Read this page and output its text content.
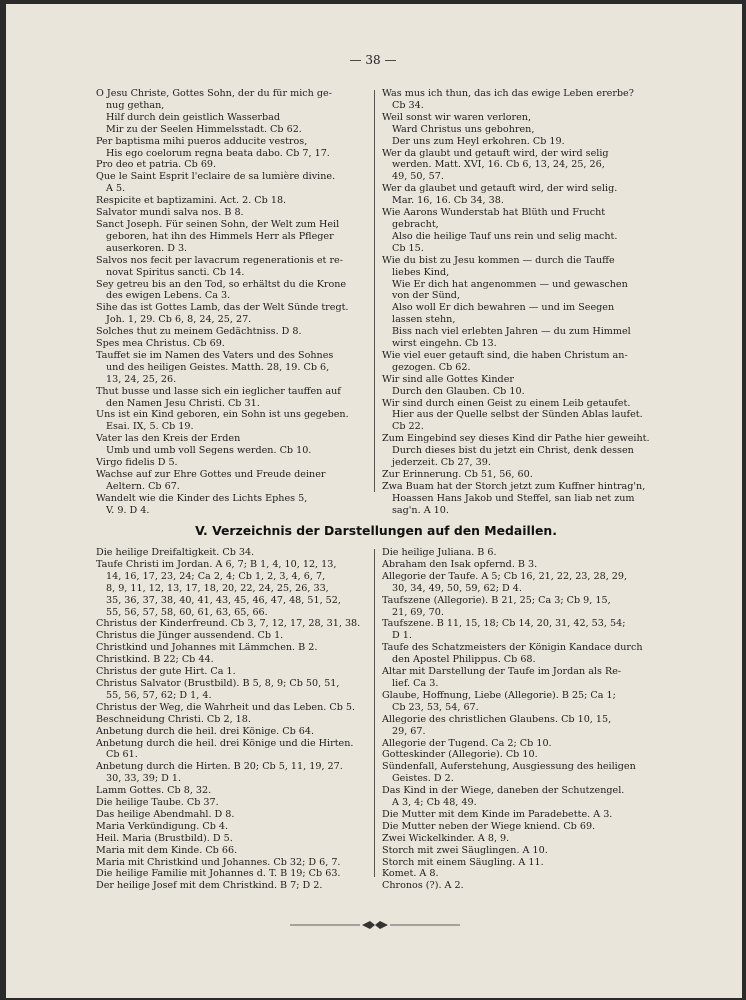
— 38 —
O Jesu Christe, Gottes Sohn, der du für mich ge-
nug gethan,
Hilf durch dein geistlich Wasserbad
Mir zu der Seelen Himmelsstadt. Cb 62.
Per baptisma mihi pueros adducite vestros,
His ego coelorum regna beata dabo. Cb 7, 17.
Pro deo et patria. Cb 69.
Que le Saint Esprit l'eclaire de sa lumière divine.
A 5.
Respicite et baptizamini. Act. 2. Cb 18.
Salvator mundi salva nos. B 8.
Sanct Joseph. Für seinen Sohn, der Welt zum Heil
geboren, hat ihn des Himmels Herr als Pfleger
auserkoren. D 3.
Salvos nos fecit per lavacrum regenerationis et re-
novat Spiritus sancti. Cb 14.
Sey getreu bis an den Tod, so erhältst du die Krone
des ewigen Lebens. Ca 3.
Sihe das ist Gottes Lamb, das der Welt Sünde tregt.
Joh. 1, 29. Cb 6, 8, 24, 25, 27.
Solches thut zu meinem Gedächtniss. D 8.
Spes mea Christus. Cb 69.
Tauffet sie im Namen des Vaters und des Sohnes
und des heiligen Geistes. Matth. 28, 19. Cb 6,
13, 24, 25, 26.
Thut busse und lasse sich ein ieglicher tauffen auf
den Namen Jesu Christi. Cb 31.
Uns ist ein Kind geboren, ein Sohn ist uns gegeben.
Esai. IX, 5. Cb 19.
Vater las den Kreis der Erden
Umb und umb voll Segens werden. Cb 10.
Virgo fidelis D 5.
Wachse auf zur Ehre Gottes und Freude deiner
Aeltern. Cb 67.
Wandelt wie die Kinder des Lichts Ephes 5,
V. 9. D 4.
Was mus ich thun, das ich das ewige Leben ererbe?
Cb 34.
Weil sonst wir waren verloren,
Ward Christus uns gebohren,
Der uns zum Heyl erkohren. Cb 19.
Wer da glaubt und getauft wird, der wird selig
werden. Matt. XVI, 16. Cb 6, 13, 24, 25, 26,
49, 50, 57.
Wer da glaubet und getauft wird, der wird selig.
Mar. 16, 16. Cb 34, 38.
Wie Aarons Wunderstab hat Blüth und Frucht
gebracht,
Also die heilige Tauf uns rein und selig macht.
Cb 15.
Wie du bist zu Jesu kommen — durch die Tauffe
liebes Kind,
Wie Er dich hat angenommen — und gewaschen
von der Sünd,
Also woll Er dich bewahren — und im Seegen
lassen stehn,
Biss nach viel erlebten Jahren — du zum Himmel
wirst eingehn. Cb 13.
Wie viel euer getauft sind, die haben Christum an-
gezogen. Cb 62.
Wir sind alle Gottes Kinder
Durch den Glauben. Cb 10.
Wir sind durch einen Geist zu einem Leib getaufet.
Hier aus der Quelle selbst der Sünden Ablas laufet.
Cb 22.
Zum Eingebind sey dieses Kind dir Pathe hier geweiht.
Durch dieses bist du jetzt ein Christ, denk dessen
jederzeit. Cb 27, 39.
Zur Erinnerung. Cb 51, 56, 60.
Zwa Buam hat der Storch jetzt zum Kuffner hintrag'n,
Hoassen Hans Jakob und Steffel, san liab net zum
sag'n. A 10.
V. Verzeichnis der Darstellungen auf den Medaillen.
Die heilige Dreifaltigkeit. Cb 34.
Taufe Christi im Jordan. A 6, 7; B 1, 4, 10, 12, 13,
14, 16, 17, 23, 24; Ca 2, 4; Cb 1, 2, 3, 4, 6, 7,
8, 9, 11, 12, 13, 17, 18, 20, 22, 24, 25, 26, 33,
35, 36, 37, 38, 40, 41, 43, 45, 46, 47, 48, 51, 52,
55, 56, 57, 58, 60, 61, 63, 65, 66.
Christus der Kinderfreund. Cb 3, 7, 12, 17, 28, 31, 38.
Christus die Jünger aussendend. Cb 1.
Christkind und Johannes mit Lämmchen. B 2.
Christkind. B 22; Cb 44.
Christus der gute Hirt. Ca 1.
Christus Salvator (Brustbild). B 5, 8, 9; Cb 50, 51,
55, 56, 57, 62; D 1, 4.
Christus der Weg, die Wahrheit und das Leben. Cb 5.
Beschneidung Christi. Cb 2, 18.
Anbetung durch die heil. drei Könige. Cb 64.
Anbetung durch die heil. drei Könige und die Hirten.
Cb 61.
Anbetung durch die Hirten. B 20; Cb 5, 11, 19, 27.
30, 33, 39; D 1.
Lamm Gottes. Cb 8, 32.
Die heilige Taube. Cb 37.
Das heilige Abendmahl. D 8.
Maria Verkündigung. Cb 4.
Heil. Maria (Brustbild). D 5.
Maria mit dem Kinde. Cb 66.
Maria mit Christkind und Johannes. Cb 32; D 6, 7.
Die heilige Familie mit Johannes d. T. B 19; Cb 63.
Der heilige Josef mit dem Christkind. B 7; D 2.
Die heilige Juliana. B 6.
Abraham den Isak opfernd. B 3.
Allegorie der Taufe. A 5; Cb 16, 21, 22, 23, 28, 29,
30, 34, 49, 50, 59, 62; D 4.
Taufszene (Allegorie). B 21, 25; Ca 3; Cb 9, 15,
21, 69, 70.
Taufszene. B 11, 15, 18; Cb 14, 20, 31, 42, 53, 54;
D 1.
Taufe des Schatzmeisters der Königin Kandace durch
den Apostel Philippus. Cb 68.
Altar mit Darstellung der Taufe im Jordan als Re-
lief. Ca 3.
Glaube, Hoffnung, Liebe (Allegorie). B 25; Ca 1;
Cb 23, 53, 54, 67.
Allegorie des christlichen Glaubens. Cb 10, 15,
29, 67.
Allegorie der Tugend. Ca 2; Cb 10.
Gotteskinder (Allegorie). Cb 10.
Sündenfall, Auferstehung, Ausgiessung des heiligen
Geistes. D 2.
Das Kind in der Wiege, daneben der Schutzengel.
A 3, 4; Cb 48, 49.
Die Mutter mit dem Kinde im Paradebette. A 3.
Die Mutter neben der Wiege kniend. Cb 69.
Zwei Wickelkinder. A 8, 9.
Storch mit zwei Säuglingen. A 10.
Storch mit einem Säugling. A 11.
Komet. A 8.
Chronos (?). A 2.
